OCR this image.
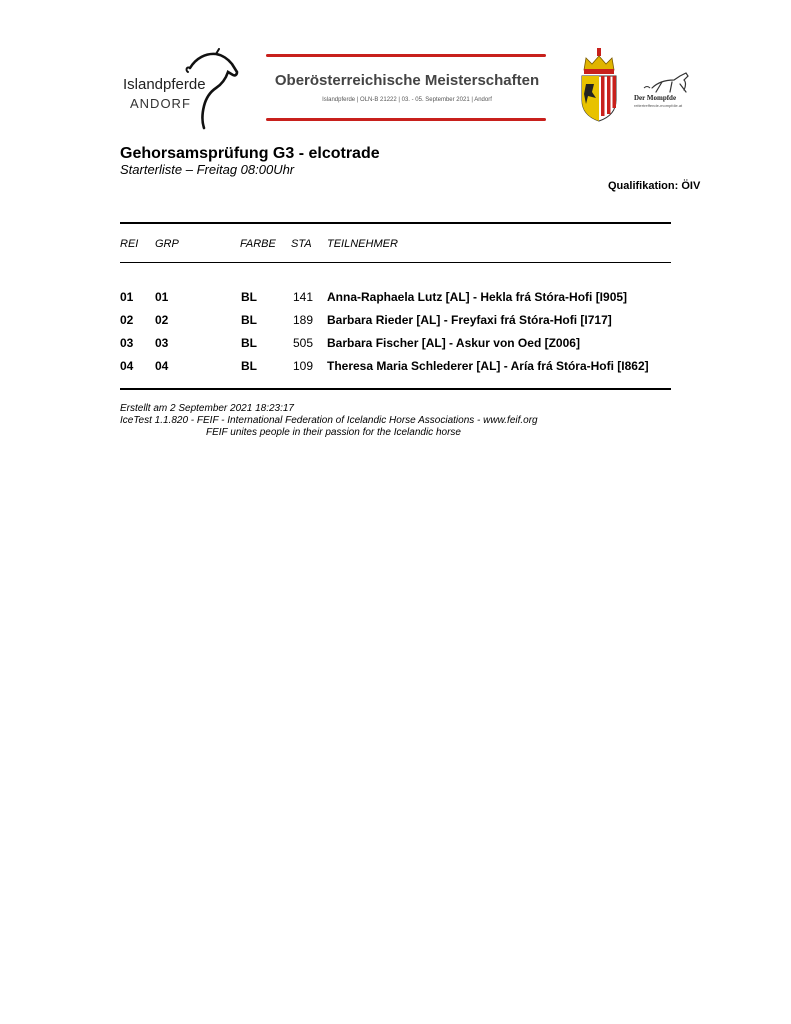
Islandpferde
ANDORF
Oberösterreichische Meisterschaften
Islandpferde | OLN-B 21222 | 03. - 05. September 2021 | Andorf	Der Mompfde
reitertreffende-mompfdie.at
Gehorsamsprüfung G3 - elcotrade
Starterliste – Freitag 08:00Uhr
Qualifikation: ÖIV
REI GRP	FARBE STA TEILNEHMER
01 01	BL	141 Anna-Raphaela Lutz [AL] - Hekla frá Stóra-Hofi [I905]
02 02	BL	189 Barbara Rieder [AL] - Freyfaxi frá Stóra-Hofi [I717]
03 03	BL	505 Barbara Fischer [AL] - Askur von Oed [Z006]
04 04	BL	109 Theresa Maria Schlederer [AL] - Aría frá Stóra-Hofi [I862]
Erstellt am 2 September 2021 18:23:17
IceTest 1.1.820 - FEIF - International Federation of Icelandic Horse Associations - www.feif.org
FEIF unites people in their passion for the Icelandic horse
